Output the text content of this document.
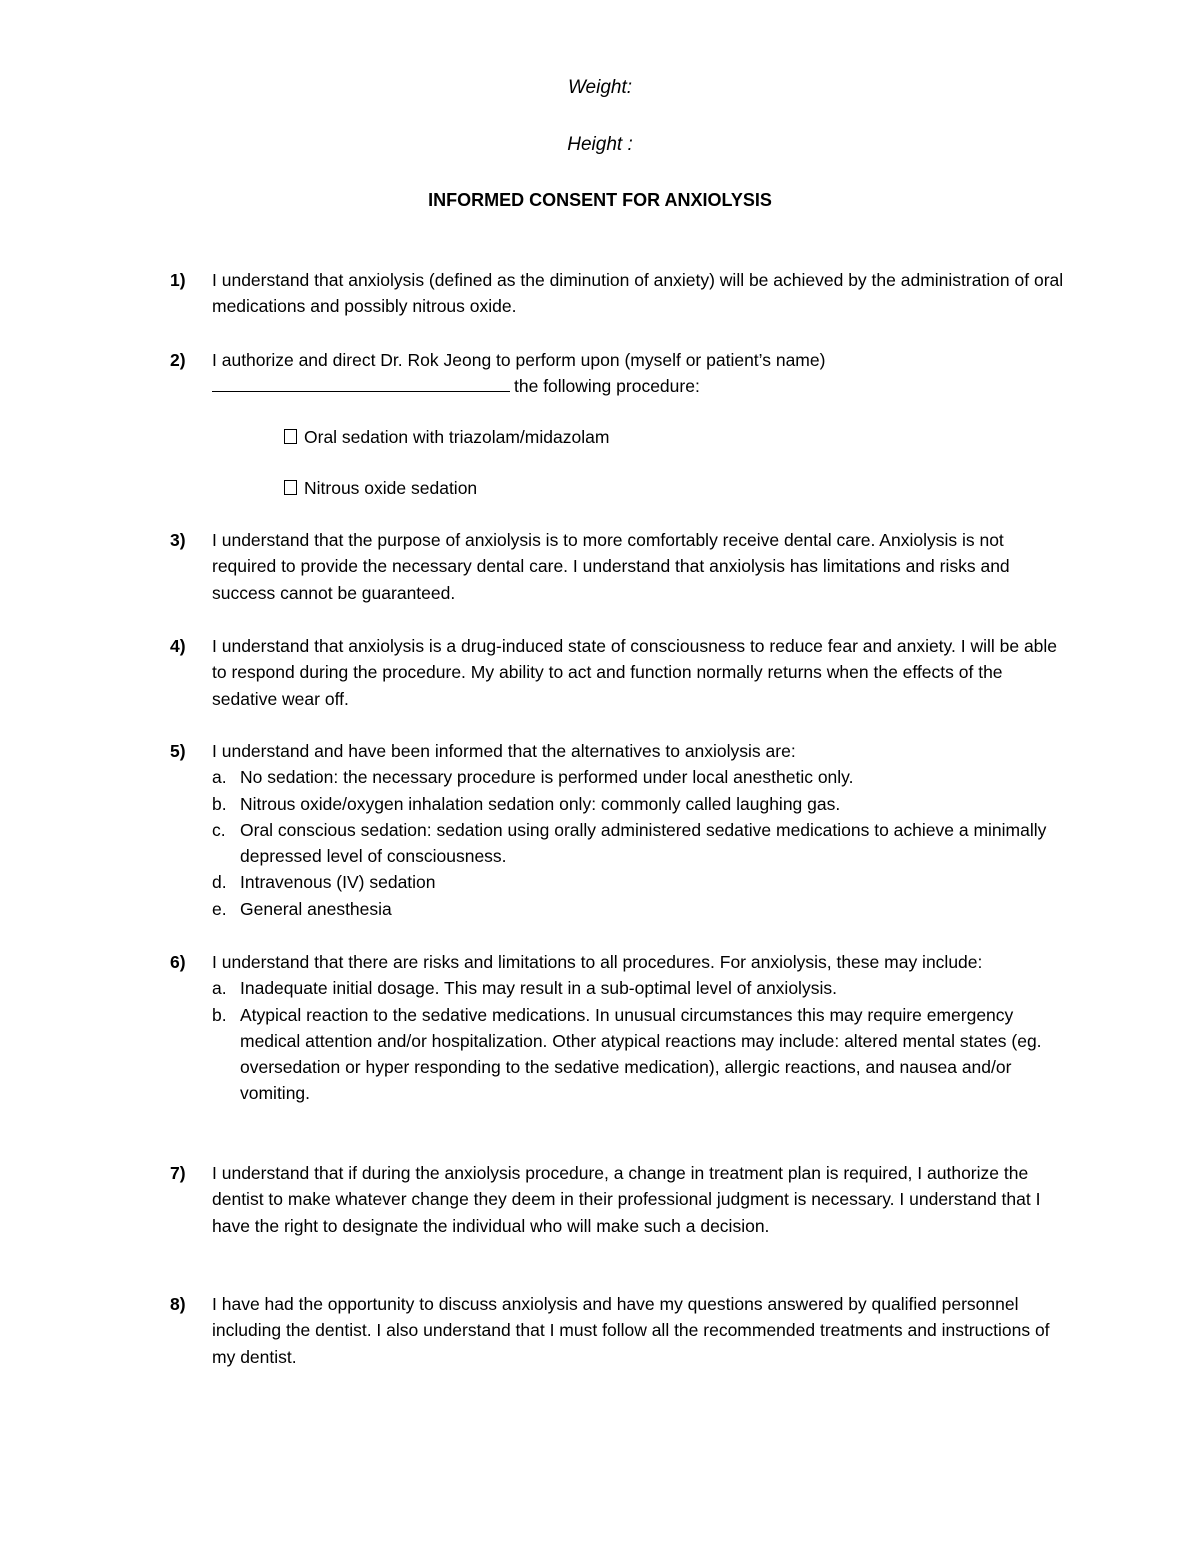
Weight:
Height :
INFORMED CONSENT FOR ANXIOLYSIS
1)	I understand that anxiolysis (defined as the diminution of anxiety) will be achieved by the administration of oral medications and possibly nitrous oxide.
2)	I authorize and direct Dr. Rok Jeong to perform upon (myself or patient’s name)

the following procedure:

Oral sedation with triazolam/midazolam
Nitrous oxide sedation
3)	I understand that the purpose of anxiolysis is to more comfortably receive dental care. Anxiolysis is not required to provide the necessary dental care. I understand that anxiolysis has limitations and risks and success cannot be guaranteed.
4)	I understand that anxiolysis is a drug-induced state of consciousness to reduce fear and anxiety. I will be able to respond during the procedure. My ability to act and function normally returns when the effects of the sedative wear off.
5)	I understand and have been informed that the alternatives to anxiolysis are:
a. No sedation: the necessary procedure is performed under local anesthetic only.
b. Nitrous oxide/oxygen inhalation sedation only: commonly called laughing gas.
c. Oral conscious sedation: sedation using orally administered sedative medications to achieve a minimally depressed level of consciousness.
d. Intravenous (IV) sedation
e. General anesthesia
6)	I understand that there are risks and limitations to all procedures. For anxiolysis, these may include:
a. Inadequate initial dosage. This may result in a sub-optimal level of anxiolysis.
b. Atypical reaction to the sedative medications. In unusual circumstances this may require emergency medical attention and/or hospitalization. Other atypical reactions may include: altered mental states (eg. oversedation or hyper responding to the sedative medication), allergic reactions, and nausea and/or vomiting.
7)	I understand that if during the anxiolysis procedure, a change in treatment plan is required, I authorize the dentist to make whatever change they deem in their professional judgment is necessary. I understand that I have the right to designate the individual who will make such a decision.
8)	I have had the opportunity to discuss anxiolysis and have my questions answered by qualified personnel including the dentist. I also understand that I must follow all the recommended treatments and instructions of my dentist.
